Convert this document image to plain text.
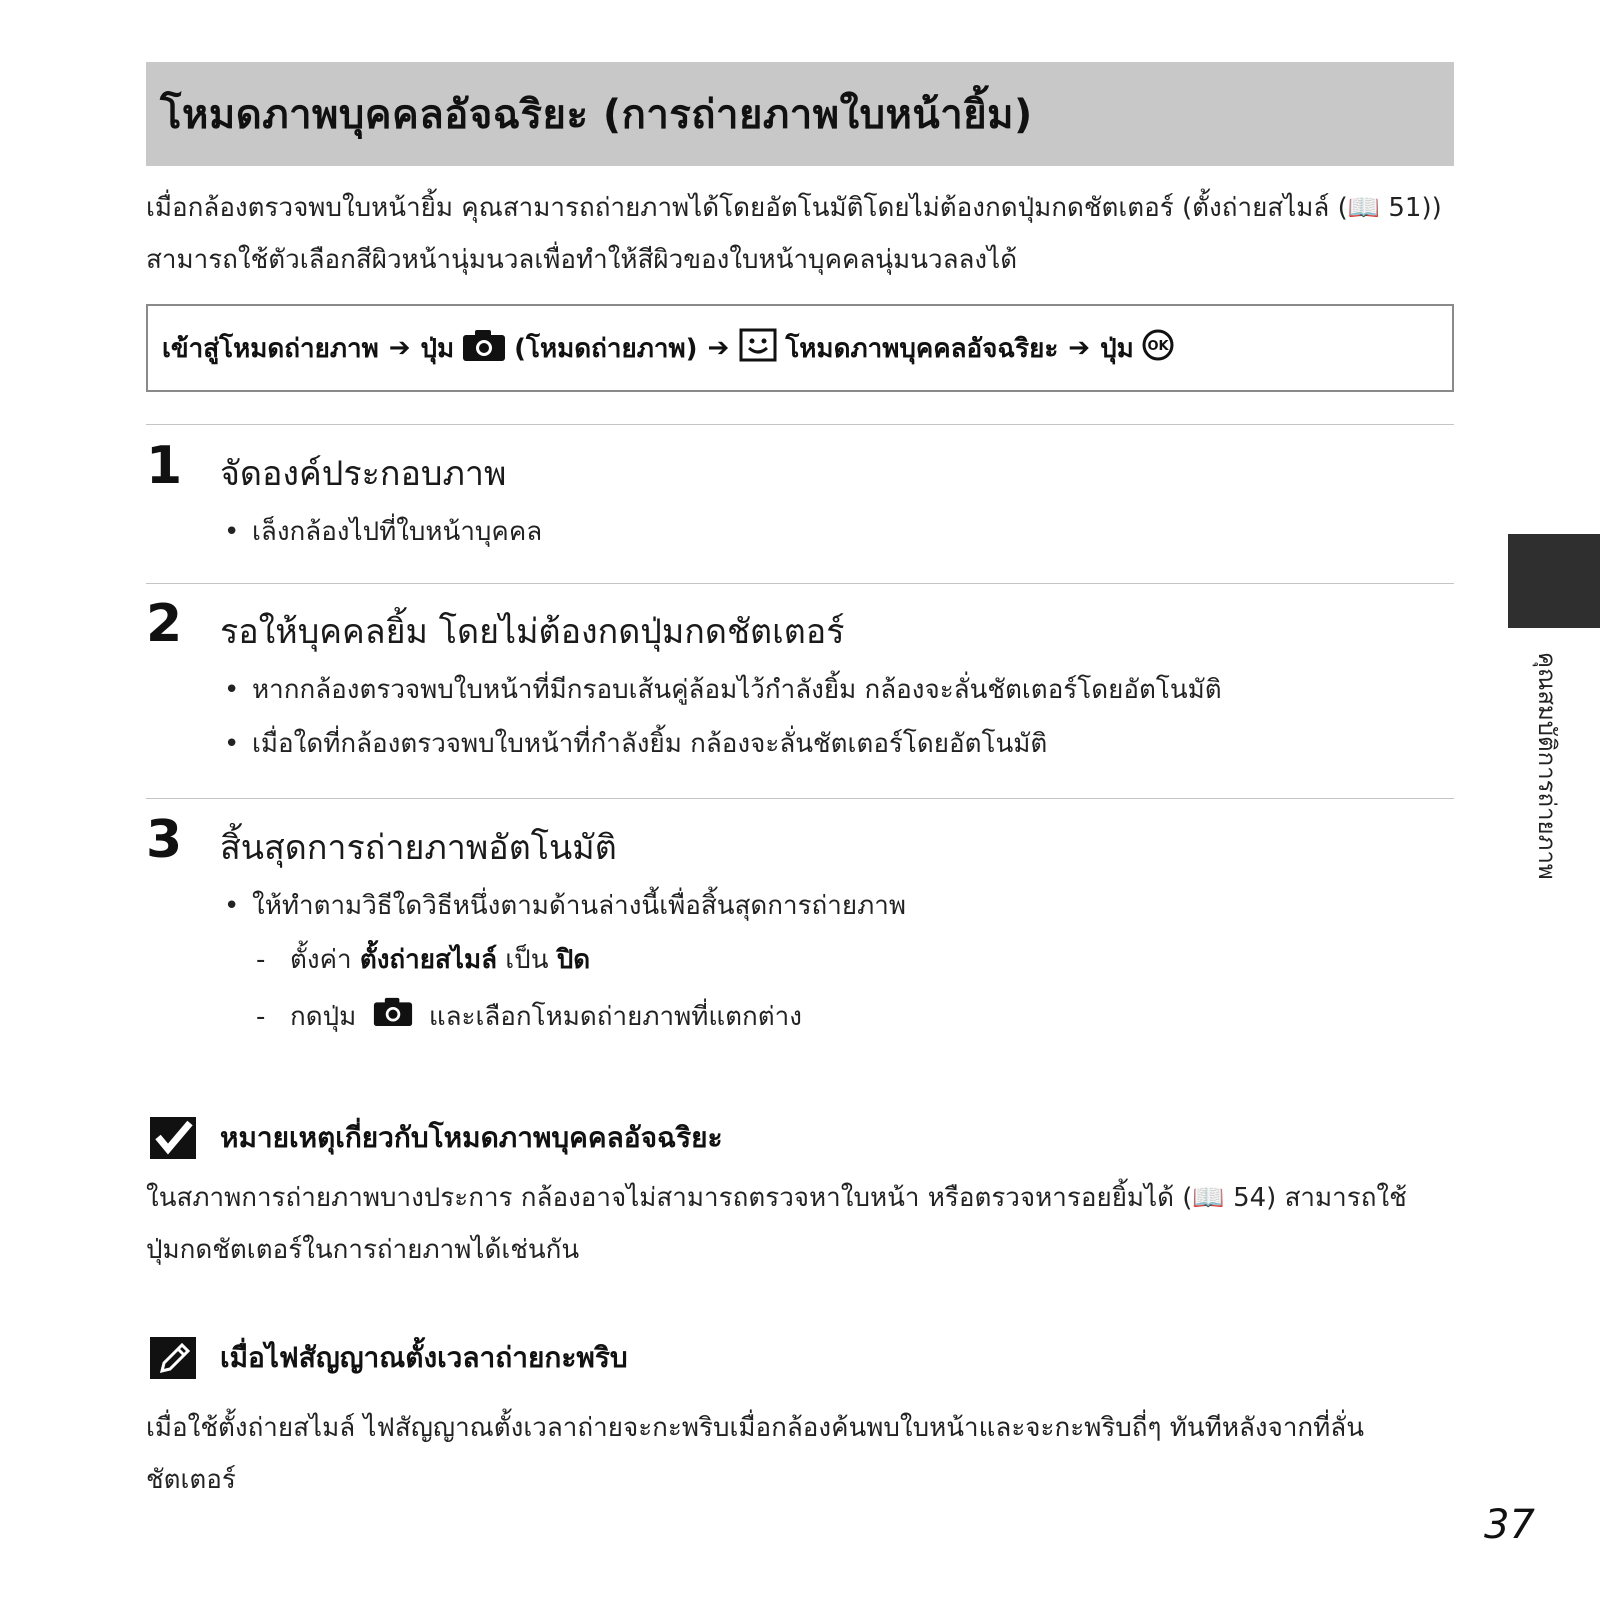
โหมดภาพบุคคลอัจฉริยะ (การถ่ายภาพใบหน้ายิ้ม)
เมื่อกล้องตรวจพบใบหน้ายิ้ม คุณสามารถถ่ายภาพได้โดยอัตโนมัติโดยไม่ต้องกดปุ่มกดชัตเตอร์ (ตั้งถ่ายสไมล์ (📖 51)) สามารถใช้ตัวเลือกสีผิวหน้านุ่มนวลเพื่อทำให้สีผิวของใบหน้าบุคคลนุ่มนวลลงได้
เข้าสู่โหมดถ่ายภาพ ➔ ปุ่ม (โหมดถ่ายภาพ) ➔ โหมดภาพบุคคลอัจฉริยะ ➔ ปุ่ม OK
1 จัดองค์ประกอบภาพ
• เล็งกล้องไปที่ใบหน้าบุคคล
2 รอให้บุคคลยิ้ม โดยไม่ต้องกดปุ่มกดชัตเตอร์
• หากกล้องตรวจพบใบหน้าที่มีกรอบเส้นคู่ล้อมไว้กำลังยิ้ม กล้องจะลั่นชัตเตอร์โดยอัตโนมัติ
• เมื่อใดที่กล้องตรวจพบใบหน้าที่กำลังยิ้ม กล้องจะลั่นชัตเตอร์โดยอัตโนมัติ
3 สิ้นสุดการถ่ายภาพอัตโนมัติ
• ให้ทำตามวิธีใดวิธีหนึ่งตามด้านล่างนี้เพื่อสิ้นสุดการถ่ายภาพ
- ตั้งค่า ตั้งถ่ายสไมล์ เป็น ปิด
- กดปุ่ม	และเลือกโหมดถ่ายภาพที่แตกต่าง
หมายเหตุเกี่ยวกับโหมดภาพบุคคลอัจฉริยะ
ในสภาพการถ่ายภาพบางประการ กล้องอาจไม่สามารถตรวจหาใบหน้า หรือตรวจหารอยยิ้มได้ (📖 54) สามารถใช้ปุ่มกดชัตเตอร์ในการถ่ายภาพได้เช่นกัน
เมื่อไฟสัญญาณตั้งเวลาถ่ายกะพริบ
เมื่อใช้ตั้งถ่ายสไมล์ ไฟสัญญาณตั้งเวลาถ่ายจะกะพริบเมื่อกล้องค้นพบใบหน้าและจะกะพริบถี่ๆ ทันทีหลังจากที่ลั่นชัตเตอร์
คุณสมบัติการถ่ายภาพ
37
